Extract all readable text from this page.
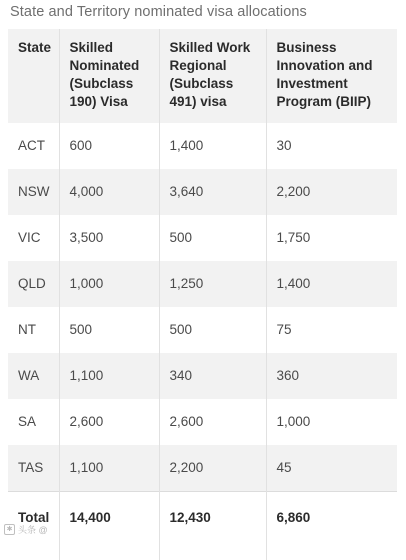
State and Territory nominated visa allocations
State	Skilled Nominated (Subclass 190) Visa	Skilled Work Regional (Subclass 491) visa	Business Innovation and Investment Program (BIIP)
ACT	600	1,400	30
NSW	4,000	3,640	2,200
VIC	3,500	500	1,750
QLD	1,000	1,250	1,400
NT	500	500	75
WA	1,100	340	360
SA	2,600	2,600	1,000
TAS	1,100	2,200	45
Total	14,400	12,430	6,860
✱ 头条 @
